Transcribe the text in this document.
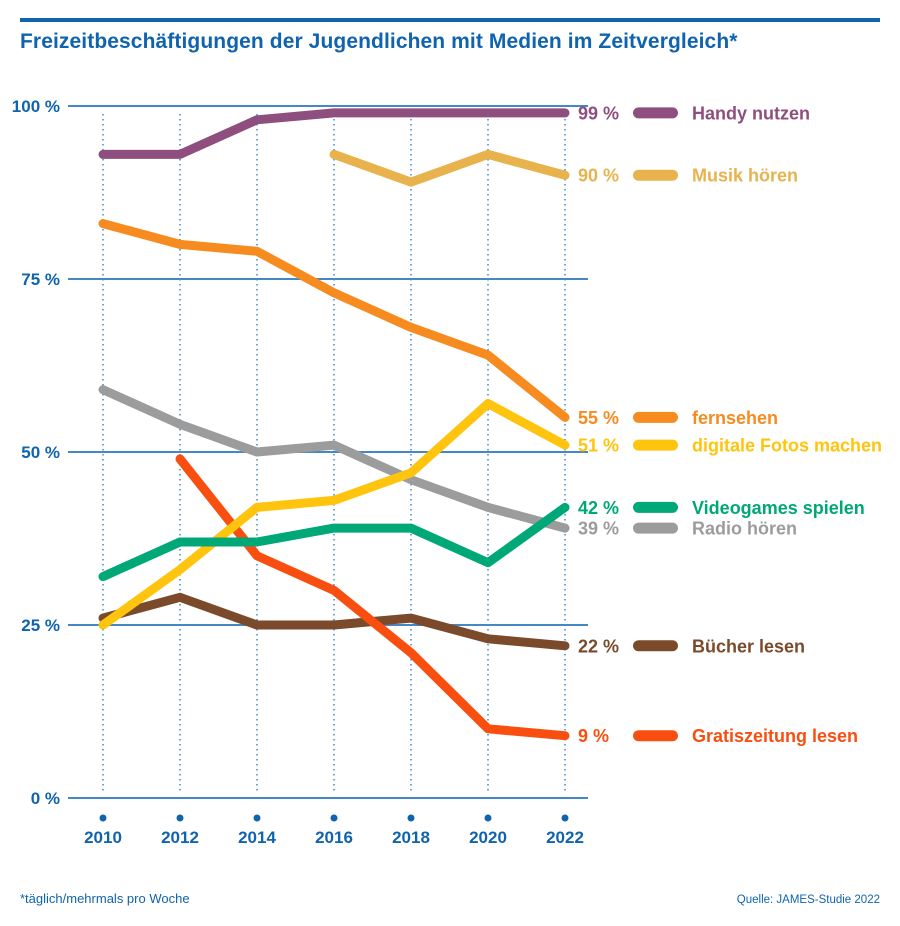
Freizeitbeschäftigungen der Jugendlichen mit Medien im Zeitvergleich*
100 %
75 %
50 %
25 %
0 %
2010 2012 2014 2016 2018 2020 2022
99 %	Handy nutzen
90 %	Musik hören
55 %	fernsehen
51 %	digitale Fotos machen
42 %	Videogames spielen
39 %	Radio hören
22 %	Bücher lesen
9 %	Gratiszeitung lesen
*täglich/mehrmals pro Woche	Quelle: JAMES-Studie 2022
